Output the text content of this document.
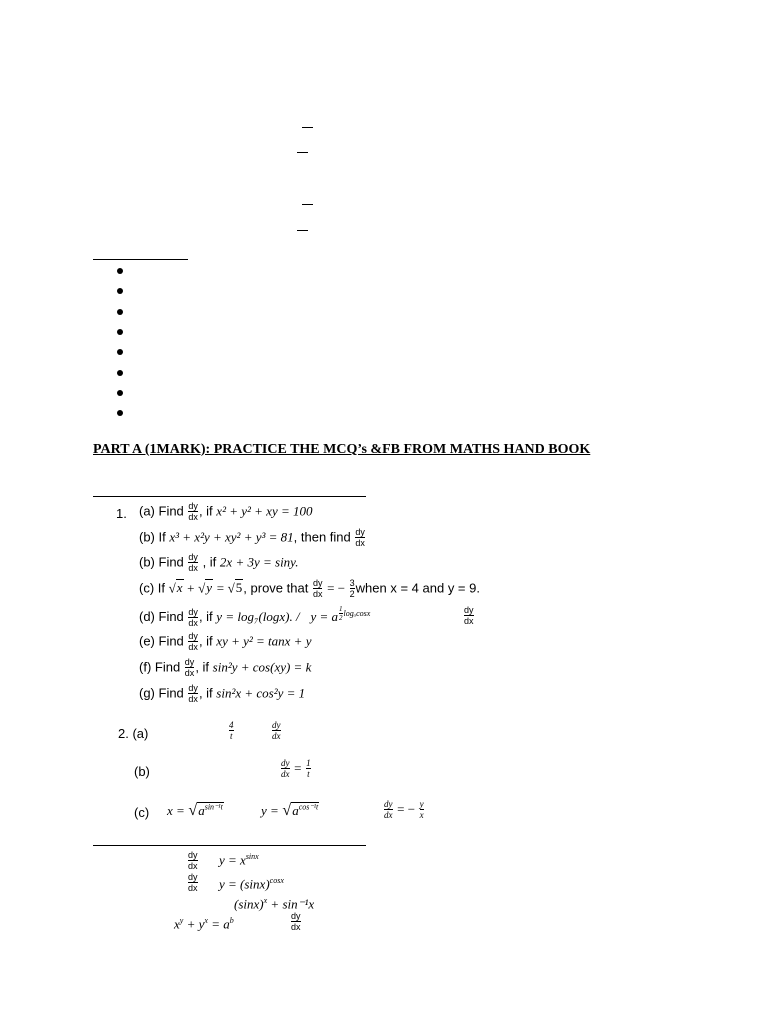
PART A (1MARK): PRACTICE THE MCQ’s &FB FROM MATHS HAND BOOK
1. (a) Find $\frac{dy}{dx}$ , if x² + y² + xy = 100
(b) If x³ + x²y + xy² + y³ = 81, then find $\frac{dy}{dx}$
(b) Find $\frac{dy}{dx}$ , if 2x + 3y = siny.
(c) If √x + √y = √5, prove that $\frac{dy}{dx}$ = − $\frac{3}{2}$ when x = 4 and y = 9.
(d) Find $\frac{dy}{dx}$ , if y = log₇(logx). / y = a $^{\frac{1}{2} log_acosx}$	$\frac{dy}{dx}$
(e) Find $\frac{dy}{dx}$ , if xy + y² = tanx + y
(f) Find $\frac{dy}{dx}$ , if sin²y + cos(xy) = k
(g) Find $\frac{dy}{dx}$ , if sin²x + cos²y = 1
2. (a)	$\frac{4}{t}$	$\frac{dy}{dx}$
(b)	$\frac{dy}{dx} = \frac{1}{t}$
(c) $x = √a^{sin^{-1}t}$	$y = √a^{cos^{-1}t}$	$\frac{dy}{dx}$ = − $\frac{y}{x}$
$\frac{dy}{dx}$ $y = x^{sinx}$
$\frac{dy}{dx}$ $y = (\sin x)^{cosx}$
$(\sin x)^x + \sin^{-1}x$
$x^y + y^x = a^b$	$\frac{dy}{dx}$
